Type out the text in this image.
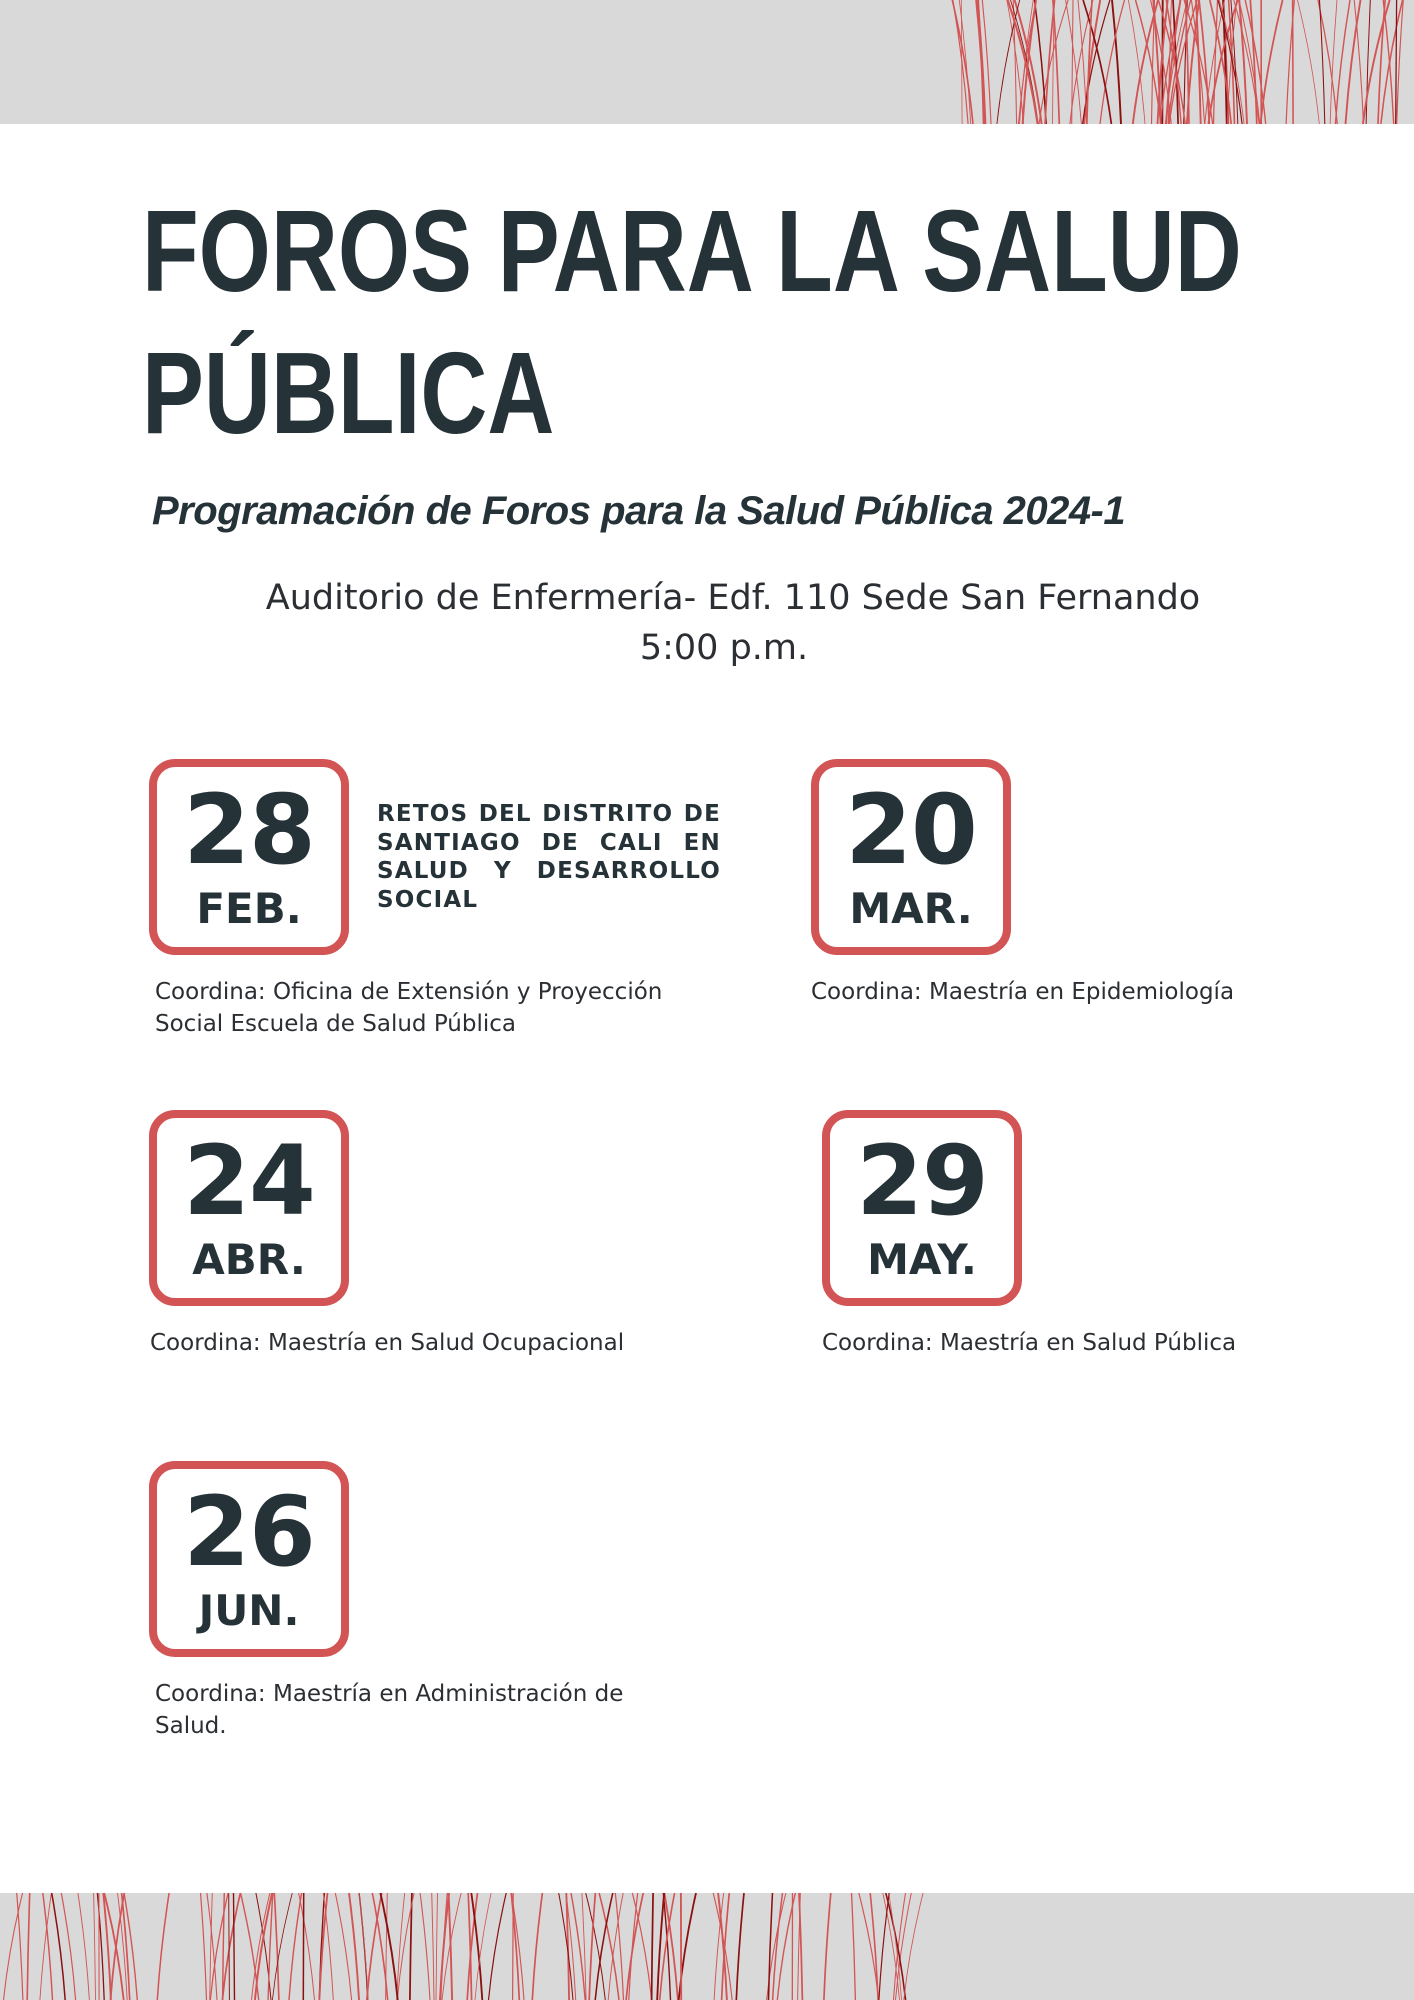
FOROS PARA LA SALUD
PÚBLICA
Programación de Foros para la Salud Pública 2024-1
Auditorio de Enfermería- Edf. 110 Sede San Fernando
5:00 p.m.
28
FEB.
RETOS DEL DISTRITO DE SANTIAGO DE CALI EN SALUD Y DESARROLLO SOCIAL
Coordina: Oficina de Extensión y Proyección Social Escuela de Salud Pública
20
MAR.
Coordina: Maestría en Epidemiología
24
ABR.
Coordina: Maestría en Salud Ocupacional
29
MAY.
Coordina: Maestría en Salud Pública
26
JUN.
Coordina: Maestría en Administración de Salud.
